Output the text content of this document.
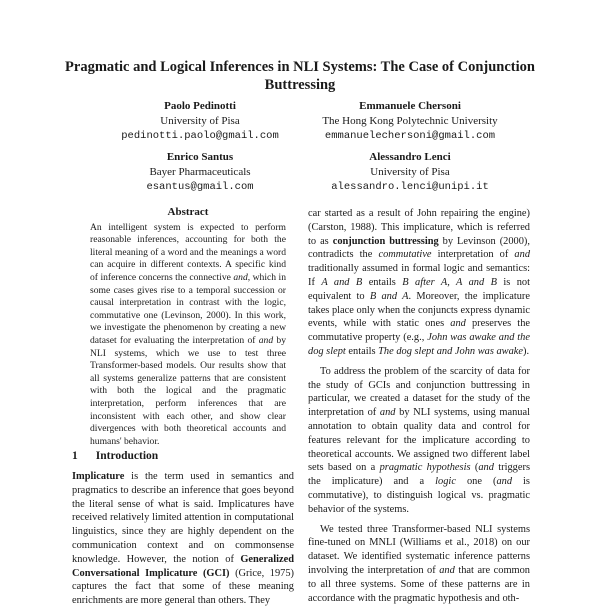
Pragmatic and Logical Inferences in NLI Systems: The Case of Conjunction Buttressing
Paolo Pedinotti
University of Pisa
pedinotti.paolo@gmail.com
Emmanuele Chersoni
The Hong Kong Polytechnic University
emmanuelechersoni@gmail.com
Enrico Santus
Bayer Pharmaceuticals
esantus@gmail.com
Alessandro Lenci
University of Pisa
alessandro.lenci@unipi.it
Abstract

An intelligent system is expected to perform reasonable inferences, accounting for both the literal meaning of a word and the meanings a word can acquire in different contexts. A specific kind of inference concerns the connective and, which in some cases gives rise to a temporal succession or causal interpretation in contrast with the logic, commutative one (Levinson, 2000). In this work, we investigate the phenomenon by creating a new dataset for evaluating the interpretation of and by NLI systems, which we use to test three Transformer-based models. Our results show that all systems generalize patterns that are consistent with both the logical and the pragmatic interpretation, perform inferences that are inconsistent with each other, and show clear divergences with both theoretical accounts and humans' behavior.

1 Introduction

Implicature is the term used in semantics and pragmatics to describe an inference that goes beyond the literal sense of what is said. Implicatures have received relatively limited attention in computational linguistics, since they are highly dependent on the communication context and on commonsense knowledge. However, the notion of Generalized Conversational Implicature (GCI) (Grice, 1975) captures the fact that some of these meaning enrichments are more general than others. They

car started as a result of John repairing the engine) (Carston, 1988). This implicature, which is referred to as conjunction buttressing by Levinson (2000), contradicts the commutative interpretation of and traditionally assumed in formal logic and semantics: If A and B entails B after A, A and B is not equivalent to B and A. Moreover, the implicature takes place only when the conjuncts express dynamic events, while with static ones and preserves the commutative property (e.g., John was awake and the dog slept entails The dog slept and John was awake).

To address the problem of the scarcity of data for the study of GCIs and conjunction buttressing in particular, we created a dataset for the study of the interpretation of and by NLI systems, using manual annotation to obtain quality data and control for features relevant for the implicature according to theoretical accounts. We assigned two different label sets based on a pragmatic hypothesis (and triggers the implicature) and a logic one (and is commutative), to distinguish logical vs. pragmatic behavior of the systems.

We tested three Transformer-based NLI systems fine-tuned on MNLI (Williams et al., 2018) on our dataset. We identified systematic inference patterns involving the interpretation of and that are common to all three systems. Some of these patterns are in accordance with the pragmatic hypothesis and oth-
